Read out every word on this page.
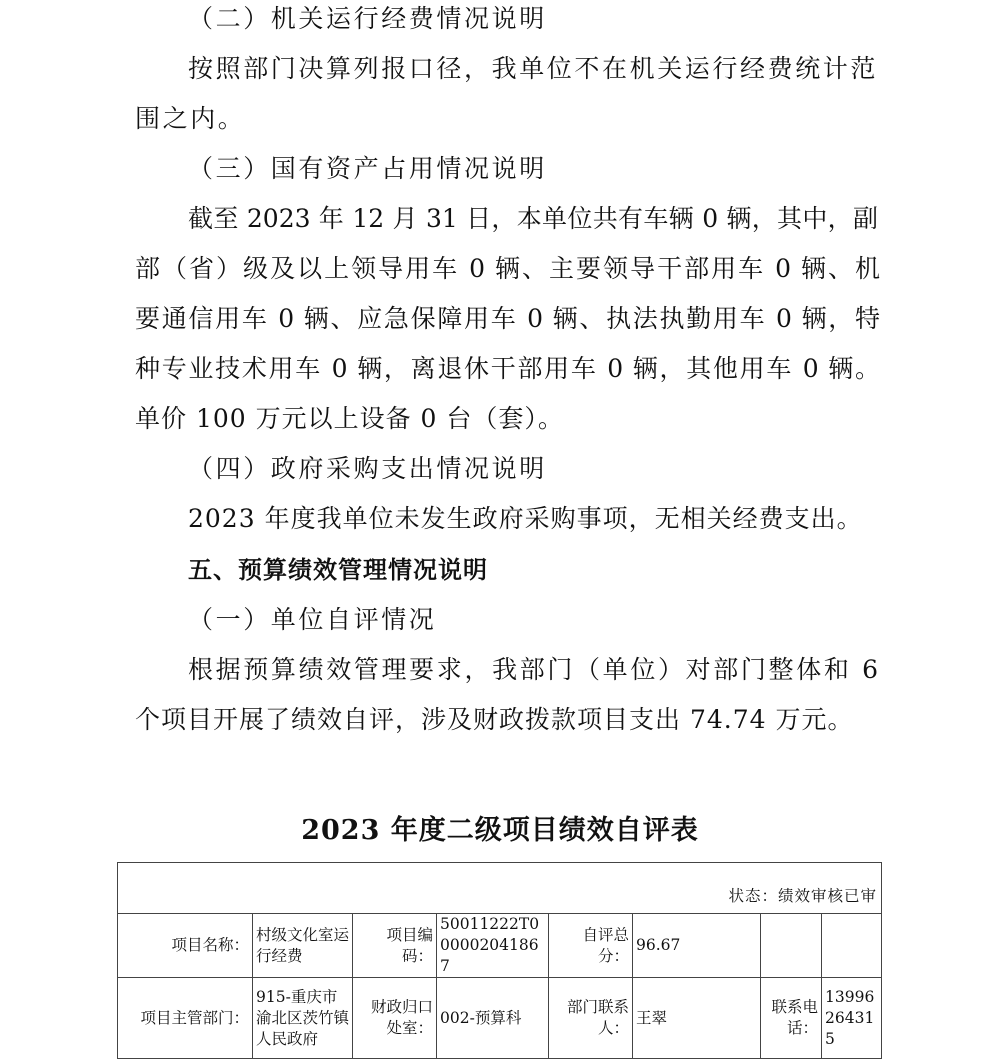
（二）机关运行经费情况说明
按照部门决算列报口径，我单位不在机关运行经费统计范
围之内。
（三）国有资产占用情况说明
截至 2023 年 12 月 31 日，本单位共有车辆 0 辆，其中，副
部（省）级及以上领导用车 0 辆、主要领导干部用车 0 辆、机
要通信用车 0 辆、应急保障用车 0 辆、执法执勤用车 0 辆，特
种专业技术用车 0 辆，离退休干部用车 0 辆，其他用车 0 辆。
单价 100 万元以上设备 0 台（套）。
（四）政府采购支出情况说明
2023 年度我单位未发生政府采购事项，无相关经费支出。
五、预算绩效管理情况说明
（一）单位自评情况
根据预算绩效管理要求，我部门（单位）对部门整体和 6
个项目开展了绩效自评，涉及财政拨款项目支出 74.74 万元。
2023 年度二级项目绩效自评表
状态：绩效审核已审							
项目名称：	村级文化室运行经费	项目编码：	50011222T000002041867	自评总分：	96.67		
项目主管部门：	915-重庆市渝北区茨竹镇人民政府	财政归口处室：	002-预算科	部门联系人：	王翠	联系电话：	13996264315
